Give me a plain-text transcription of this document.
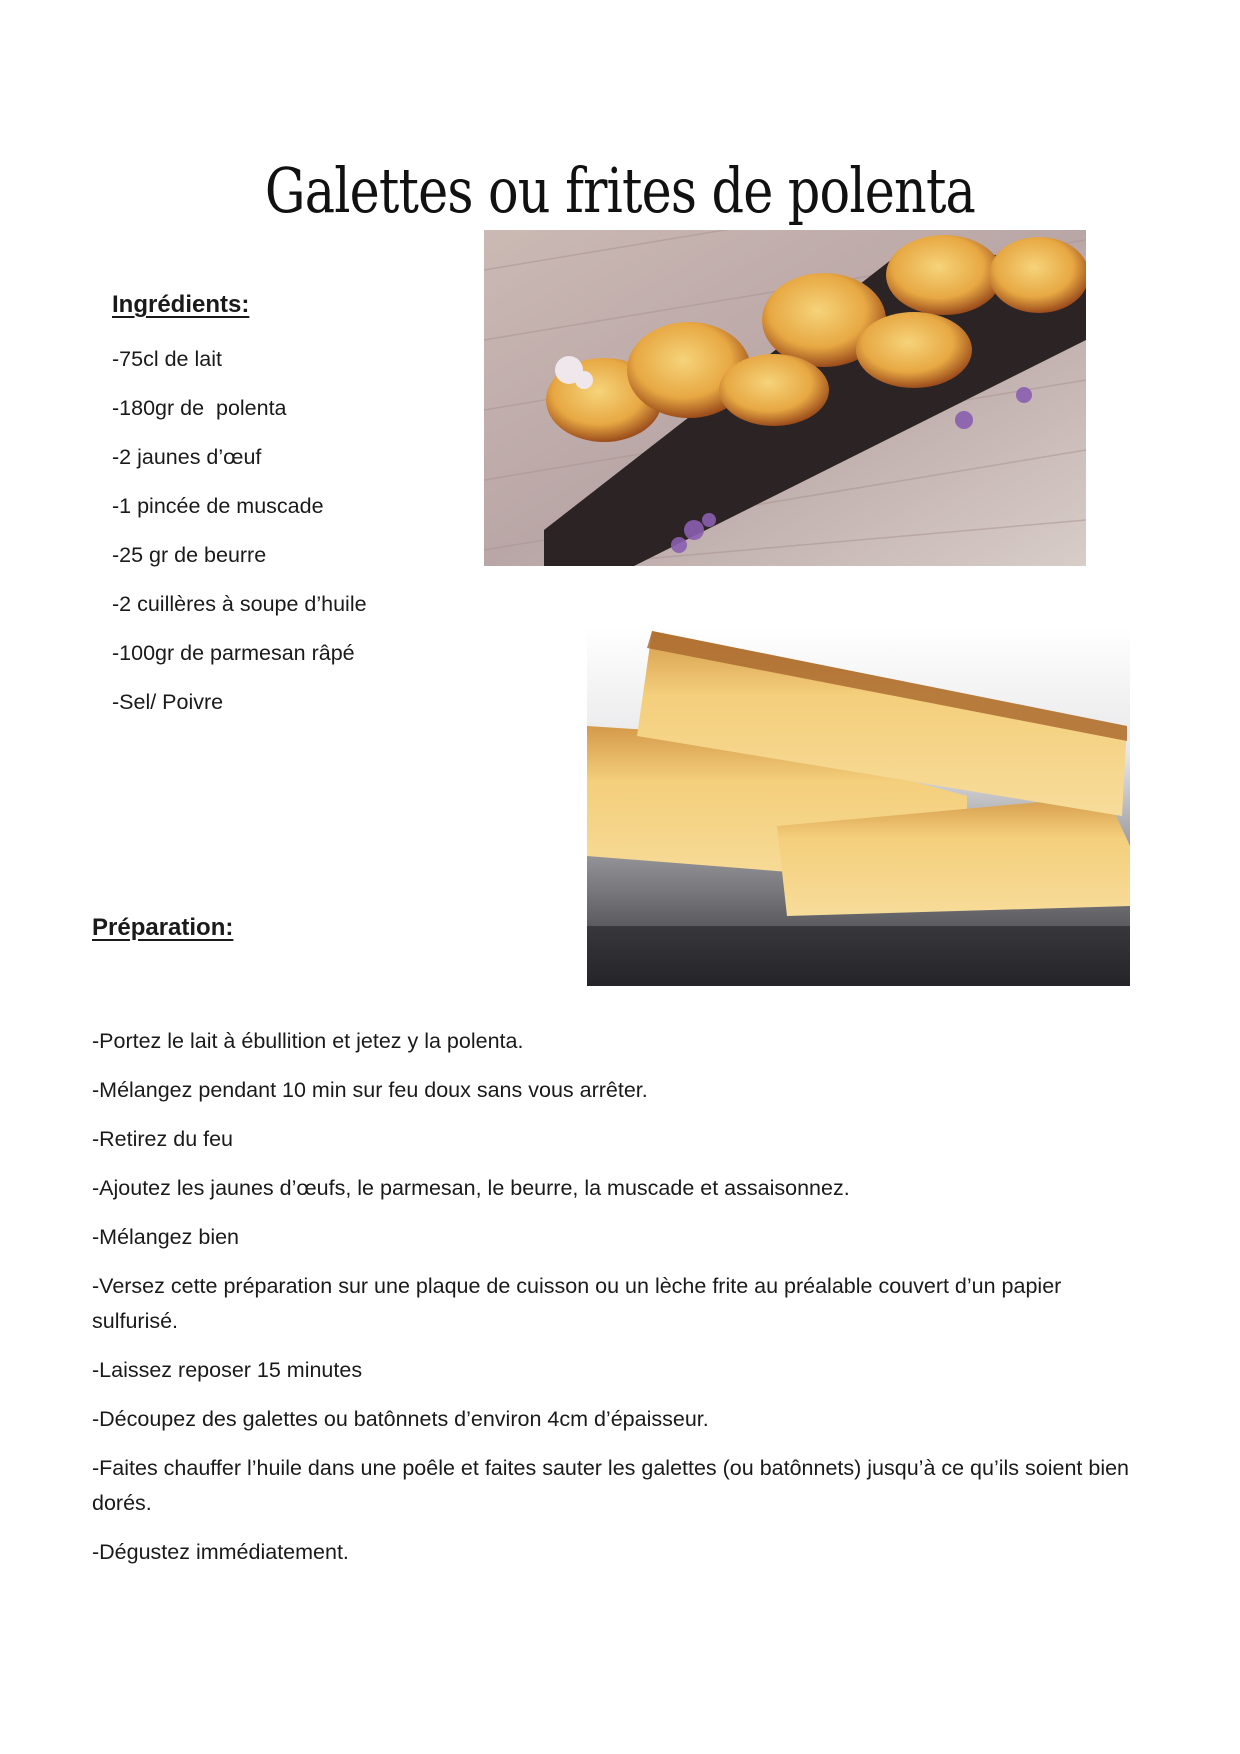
Galettes ou frites de polenta
Ingrédients:
-75cl de lait
-180gr de  polenta
-2 jaunes d’œuf
-1 pincée de muscade
-25 gr de beurre
-2 cuillères à soupe d’huile
-100gr de parmesan râpé
-Sel/ Poivre
Préparation:
-Portez le lait à ébullition et jetez y la polenta.
-Mélangez pendant 10 min sur feu doux sans vous arrêter.
-Retirez du feu
-Ajoutez les jaunes d’œufs, le parmesan, le beurre, la muscade et assaisonnez.
-Mélangez bien
-Versez cette préparation sur une plaque de cuisson ou un lèche frite au préalable couvert d’un papier sulfurisé.
-Laissez reposer 15 minutes
-Découpez des galettes ou batônnets d’environ 4cm d’épaisseur.
-Faites chauffer l’huile dans une poêle et faites sauter les galettes (ou batônnets) jusqu’à ce qu’ils soient bien dorés.
-Dégustez immédiatement.
